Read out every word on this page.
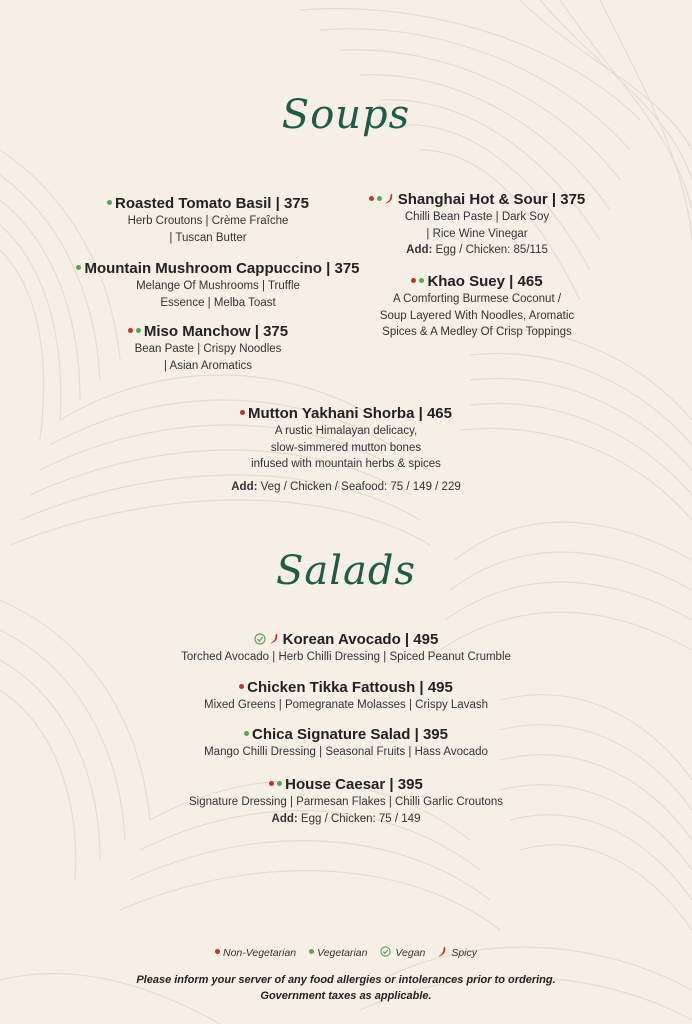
Soups
Roasted Tomato Basil | 375
Herb Croutons | Crème Fraîche
| Tuscan Butter
Mountain Mushroom Cappuccino | 375
Melange Of Mushrooms | Truffle
Essence | Melba Toast
Miso Manchow | 375
Bean Paste | Crispy Noodles
| Asian Aromatics
Shanghai Hot & Sour | 375
Chilli Bean Paste | Dark Soy
| Rice Wine Vinegar
Add: Egg / Chicken: 85/115
Khao Suey | 465
A Comforting Burmese Coconut /
Soup Layered With Noodles, Aromatic
Spices & A Medley Of Crisp Toppings
Mutton Yakhani Shorba | 465
A rustic Himalayan delicacy,
slow-simmered mutton bones
infused with mountain herbs & spices
Add: Veg / Chicken / Seafood: 75 / 149 / 229
Salads
Korean Avocado | 495
Torched Avocado | Herb Chilli Dressing | Spiced Peanut Crumble
Chicken Tikka Fattoush | 495
Mixed Greens | Pomegranate Molasses | Crispy Lavash
Chica Signature Salad | 395
Mango Chilli Dressing | Seasonal Fruits | Hass Avocado
House Caesar | 395
Signature Dressing | Parmesan Flakes | Chilli Garlic Croutons
Add: Egg / Chicken: 75 / 149
Non-Vegetarian Vegetarian	Vegan Spicy
Please inform your server of any food allergies or intolerances prior to ordering.
Government taxes as applicable.
